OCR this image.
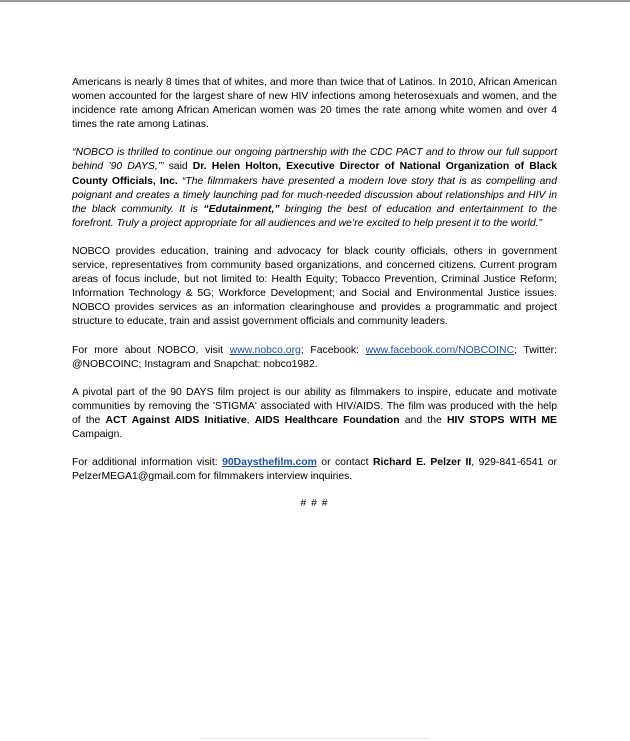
Americans is nearly 8 times that of whites, and more than twice that of Latinos. In 2010, African American women accounted for the largest share of new HIV infections among heterosexuals and women, and the incidence rate among African American women was 20 times the rate among white women and over 4 times the rate among Latinas.

“NOBCO is thrilled to continue our ongoing partnership with the CDC PACT and to throw our full support behind ’90 DAYS,’” said Dr. Helen Holton, Executive Director of National Organization of Black County Officials, Inc. “The filmmakers have presented a modern love story that is as compelling and poignant and creates a timely launching pad for much-needed discussion about relationships and HIV in the black community. It is “Edutainment,” bringing the best of education and entertainment to the forefront. Truly a project appropriate for all audiences and we’re excited to help present it to the world.”

NOBCO provides education, training and advocacy for black county officials, others in government service, representatives from community based organizations, and concerned citizens. Current program areas of focus include, but not limited to: Health Equity; Tobacco Prevention, Criminal Justice Reform; Information Technology & 5G; Workforce Development; and Social and Environmental Justice issues. NOBCO provides services as an information clearinghouse and provides a programmatic and project structure to educate, train and assist government officials and community leaders.

For more about NOBCO, visit www.nobco.org; Facebook: www.facebook.com/NOBCOINC; Twitter: @NOBCOINC; Instagram and Snapchat: nobco1982.

A pivotal part of the 90 DAYS film project is our ability as filmmakers to inspire, educate and motivate communities by removing the 'STIGMA' associated with HIV/AIDS. The film was produced with the help of the ACT Against AIDS Initiative, AIDS Healthcare Foundation and the HIV STOPS WITH ME Campaign.

For additional information visit: 90Daysthefilm.com or contact Richard E. Pelzer II, 929-841-6541 or PelzerMEGA1@gmail.com for filmmakers interview inquiries.

# # #
